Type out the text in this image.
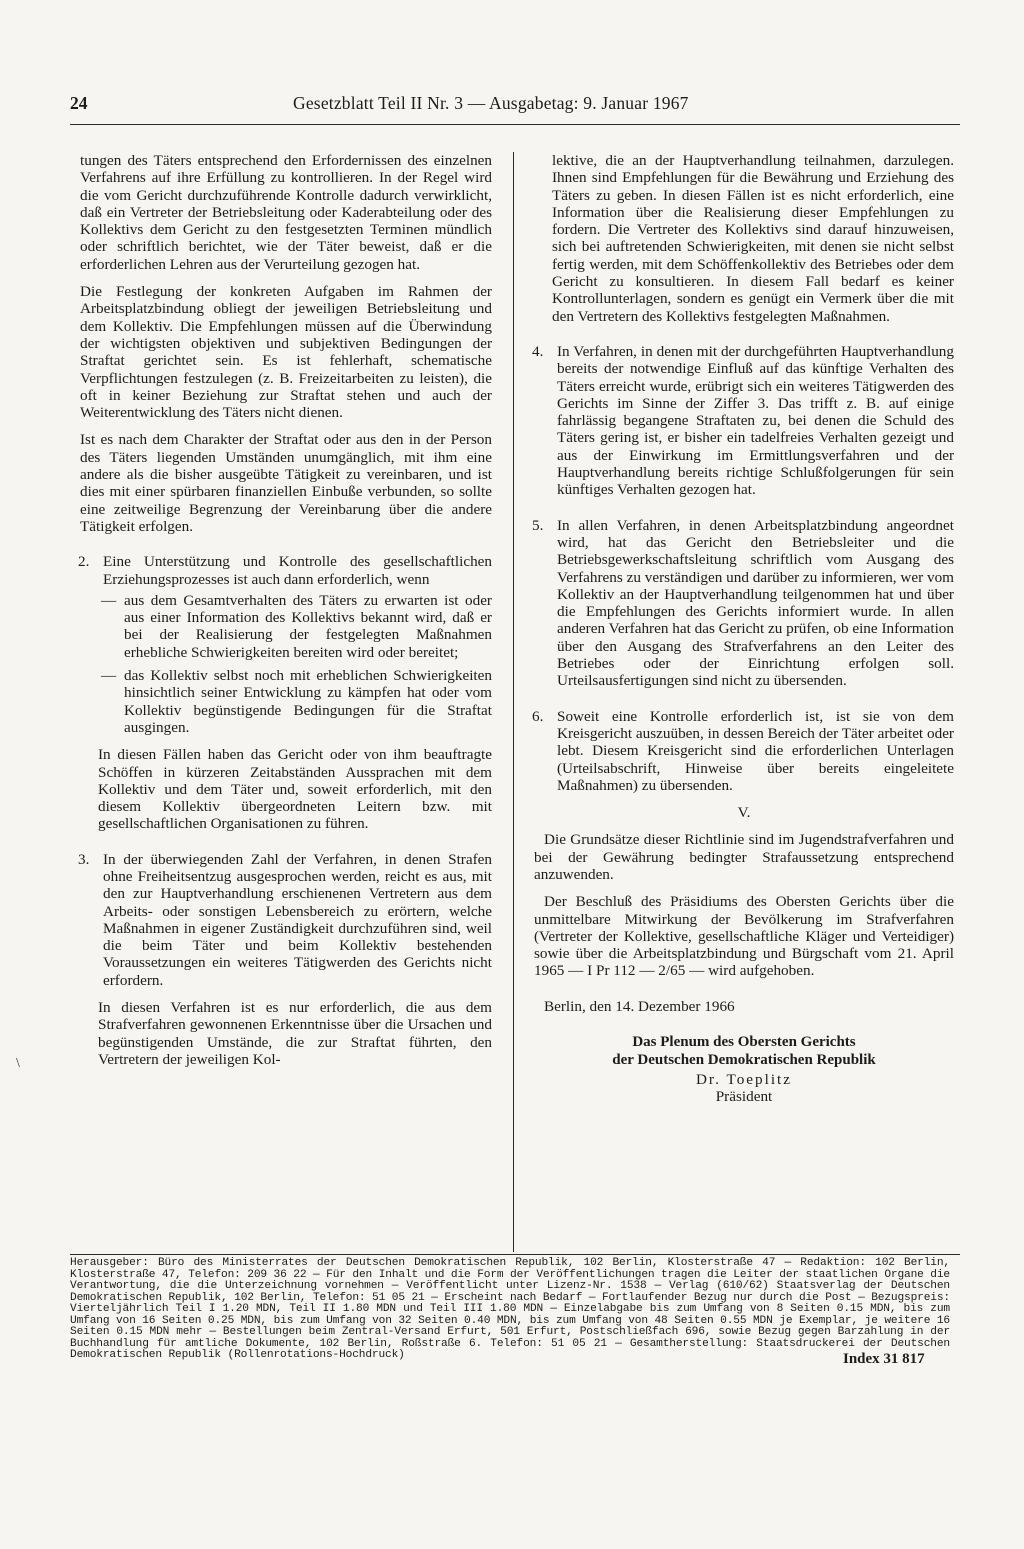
24	Gesetzblatt Teil II Nr. 3 — Ausgabetag: 9. Januar 1967

tungen des Täters entsprechend den Erfordernissen des einzelnen Verfahrens auf ihre Erfüllung zu kontrollieren. In der Regel wird die vom Gericht durchzuführende Kontrolle dadurch verwirklicht, daß ein Vertreter der Betriebsleitung oder Kaderabteilung oder des Kollektivs dem Gericht zu den festgesetzten Terminen mündlich oder schriftlich berichtet, wie der Täter beweist, daß er die erforderlichen Lehren aus der Verurteilung gezogen hat.

Die Festlegung der konkreten Aufgaben im Rahmen der Arbeitsplatzbindung obliegt der jeweiligen Betriebsleitung und dem Kollektiv. Die Empfehlungen müssen auf die Überwindung der wichtigsten objektiven und subjektiven Bedingungen der Straftat gerichtet sein. Es ist fehlerhaft, schematische Verpflichtungen festzulegen (z. B. Freizeitarbeiten zu leisten), die oft in keiner Beziehung zur Straftat stehen und auch der Weiterentwicklung des Täters nicht dienen.

Ist es nach dem Charakter der Straftat oder aus den in der Person des Täters liegenden Umständen unumgänglich, mit ihm eine andere als die bisher ausgeübte Tätigkeit zu vereinbaren, und ist dies mit einer spürbaren finanziellen Einbuße verbunden, so sollte eine zeitweilige Begrenzung der Vereinbarung über die andere Tätigkeit erfolgen.

2. Eine Unterstützung und Kontrolle des gesellschaftlichen Erziehungsprozesses ist auch dann erforderlich, wenn

— aus dem Gesamtverhalten des Täters zu erwarten ist oder aus einer Information des Kollektivs bekannt wird, daß er bei der Realisierung der festgelegten Maßnahmen erhebliche Schwierigkeiten bereiten wird oder bereitet;

— das Kollektiv selbst noch mit erheblichen Schwierigkeiten hinsichtlich seiner Entwicklung zu kämpfen hat oder vom Kollektiv begünstigende Bedingungen für die Straftat ausgingen.

In diesen Fällen haben das Gericht oder von ihm beauftragte Schöffen in kürzeren Zeitabständen Aussprachen mit dem Kollektiv und dem Täter und, soweit erforderlich, mit den diesem Kollektiv übergeordneten Leitern bzw. mit gesellschaftlichen Organisationen zu führen.

3. In der überwiegenden Zahl der Verfahren, in denen Strafen ohne Freiheitsentzug ausgesprochen werden, reicht es aus, mit den zur Hauptverhandlung erschienenen Vertretern aus dem Arbeits- oder sonstigen Lebensbereich zu erörtern, welche Maßnahmen in eigener Zuständigkeit durchzuführen sind, weil die beim Täter und beim Kollektiv bestehenden Voraussetzungen ein weiteres Tätigwerden des Gerichts nicht erfordern.

In diesen Verfahren ist es nur erforderlich, die aus dem Strafverfahren gewonnenen Erkenntnisse über die Ursachen und begünstigenden Umstände, die zur Straftat führten, den Vertretern der jeweiligen Kol-

lektive, die an der Hauptverhandlung teilnahmen, darzulegen. Ihnen sind Empfehlungen für die Bewährung und Erziehung des Täters zu geben. In diesen Fällen ist es nicht erforderlich, eine Information über die Realisierung dieser Empfehlungen zu fordern. Die Vertreter des Kollektivs sind darauf hinzuweisen, sich bei auftretenden Schwierigkeiten, mit denen sie nicht selbst fertig werden, mit dem Schöffenkollektiv des Betriebes oder dem Gericht zu konsultieren. In diesem Fall bedarf es keiner Kontrollunterlagen, sondern es genügt ein Vermerk über die mit den Vertretern des Kollektivs festgelegten Maßnahmen.

4. In Verfahren, in denen mit der durchgeführten Hauptverhandlung bereits der notwendige Einfluß auf das künftige Verhalten des Täters erreicht wurde, erübrigt sich ein weiteres Tätigwerden des Gerichts im Sinne der Ziffer 3. Das trifft z. B. auf einige fahrlässig begangene Straftaten zu, bei denen die Schuld des Täters gering ist, er bisher ein tadelfreies Verhalten gezeigt und aus der Einwirkung im Ermittlungsverfahren und der Hauptverhandlung bereits richtige Schlußfolgerungen für sein künftiges Verhalten gezogen hat.

5. In allen Verfahren, in denen Arbeitsplatzbindung angeordnet wird, hat das Gericht den Betriebsleiter und die Betriebsgewerkschaftsleitung schriftlich vom Ausgang des Verfahrens zu verständigen und darüber zu informieren, wer vom Kollektiv an der Hauptverhandlung teilgenommen hat und über die Empfehlungen des Gerichts informiert wurde. In allen anderen Verfahren hat das Gericht zu prüfen, ob eine Information über den Ausgang des Strafverfahrens an den Leiter des Betriebes oder der Einrichtung erfolgen soll. Urteilsausfertigungen sind nicht zu übersenden.

6. Soweit eine Kontrolle erforderlich ist, ist sie von dem Kreisgericht auszuüben, in dessen Bereich der Täter arbeitet oder lebt. Diesem Kreisgericht sind die erforderlichen Unterlagen (Urteilsabschrift, Hinweise über bereits eingeleitete Maßnahmen) zu übersenden.

V.

Die Grundsätze dieser Richtlinie sind im Jugendstrafverfahren und bei der Gewährung bedingter Strafaussetzung entsprechend anzuwenden.

Der Beschluß des Präsidiums des Obersten Gerichts über die unmittelbare Mitwirkung der Bevölkerung im Strafverfahren (Vertreter der Kollektive, gesellschaftliche Kläger und Verteidiger) sowie über die Arbeitsplatzbindung und Bürgschaft vom 21. April 1965 — I Pr 112 — 2/65 — wird aufgehoben.

Berlin, den 14. Dezember 1966

Das Plenum des Obersten Gerichts

der Deutschen Demokratischen Republik

Dr. Toeplitz

Präsident

Herausgeber: Büro des Ministerrates der Deutschen Demokratischen Republik, 102 Berlin, Klosterstraße 47 — Redaktion: 102 Berlin, Klosterstraße 47, Telefon: 209 36 22 — Für den Inhalt und die Form der Veröffentlichungen tragen die Leiter der staatlichen Organe die Verantwortung, die die Unterzeichnung vornehmen — Veröffentlicht unter Lizenz-Nr. 1538 — Verlag (610/62) Staatsverlag der Deutschen Demokratischen Republik, 102 Berlin, Telefon: 51 05 21 — Erscheint nach Bedarf — Fortlaufender Bezug nur durch die Post — Bezugspreis: Vierteljährlich Teil I 1.20 MDN, Teil II 1.80 MDN und Teil III 1.80 MDN — Einzelabgabe bis zum Umfang von 8 Seiten 0.15 MDN, bis zum Umfang von 16 Seiten 0.25 MDN, bis zum Umfang von 32 Seiten 0.40 MDN, bis zum Umfang von 48 Seiten 0.55 MDN je Exemplar, je weitere 16 Seiten 0.15 MDN mehr — Bestellungen beim Zentral-Versand Erfurt, 501 Erfurt, Postschließfach 696, sowie Bezug gegen Barzahlung in der Buchhandlung für amtliche Dokumente, 102 Berlin, Roßstraße 6. Telefon: 51 05 21 — Gesamtherstellung: Staatsdruckerei der Deutschen Demokratischen Republik (Rollenrotations-Hochdruck)	Index 31 817
\
